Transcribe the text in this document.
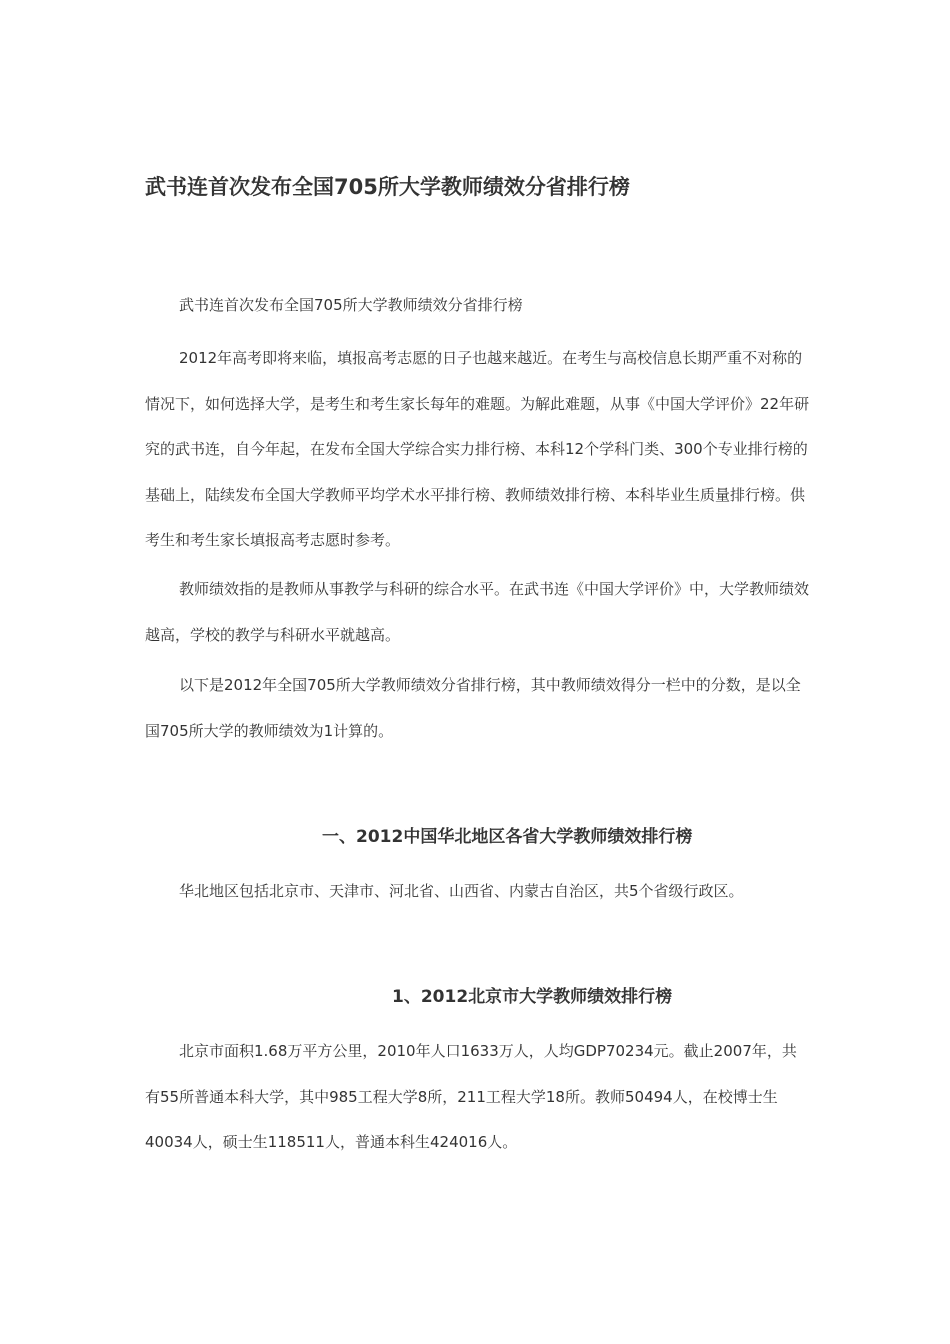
武书连首次发布全国705所大学教师绩效分省排行榜

武书连首次发布全国705所大学教师绩效分省排行榜

2012年高考即将来临，填报高考志愿的日子也越来越近。在考生与高校信息长期严重不对称的情况下，如何选择大学，是考生和考生家长每年的难题。为解此难题，从事《中国大学评价》22年研究的武书连，自今年起，在发布全国大学综合实力排行榜、本科12个学科门类、300个专业排行榜的基础上，陆续发布全国大学教师平均学术水平排行榜、教师绩效排行榜、本科毕业生质量排行榜。供考生和考生家长填报高考志愿时参考。

教师绩效指的是教师从事教学与科研的综合水平。在武书连《中国大学评价》中，大学教师绩效越高，学校的教学与科研水平就越高。

以下是2012年全国705所大学教师绩效分省排行榜，其中教师绩效得分一栏中的分数，是以全国705所大学的教师绩效为1计算的。

一、2012中国华北地区各省大学教师绩效排行榜

华北地区包括北京市、天津市、河北省、山西省、内蒙古自治区，共5个省级行政区。

1、2012北京市大学教师绩效排行榜

北京市面积1.68万平方公里，2010年人口1633万人，人均GDP70234元。截止2007年，共有55所普通本科大学，其中985工程大学8所，211工程大学18所。教师50494人，在校博士生40034人，硕士生118511人，普通本科生424016人。
